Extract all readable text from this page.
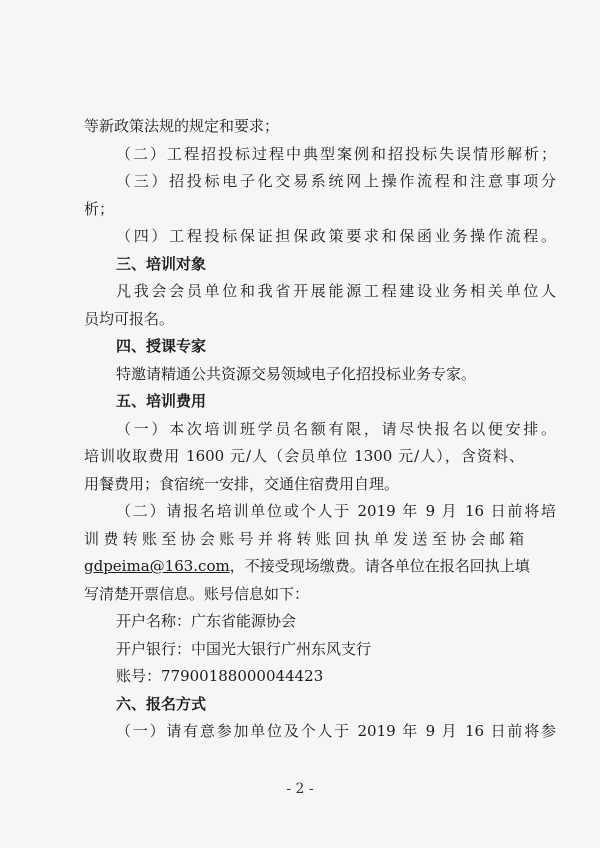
等新政策法规的规定和要求；
（二）工程招投标过程中典型案例和招投标失误情形解析；
（三）招投标电子化交易系统网上操作流程和注意事项分
析；
（四）工程投标保证担保政策要求和保函业务操作流程。
三、培训对象
凡我会会员单位和我省开展能源工程建设业务相关单位人
员均可报名。
四、授课专家
特邀请精通公共资源交易领域电子化招投标业务专家。
五、培训费用
（一）本次培训班学员名额有限，请尽快报名以便安排。
培训收取费用 1600 元/人（会员单位 1300 元/人），含资料、
用餐费用；食宿统一安排，交通住宿费用自理。
（二）请报名培训单位或个人于 2019 年 9 月 16 日前将培
训费转账至协会账号并将转账回执单发送至协会邮箱
gdpeima@163.com，不接受现场缴费。请各单位在报名回执上填
写清楚开票信息。账号信息如下：
开户名称：广东省能源协会
开户银行：中国光大银行广州东风支行
账号：77900188000044423
六、报名方式
（一）请有意参加单位及个人于 2019 年 9 月 16 日前将参
- 2 -
